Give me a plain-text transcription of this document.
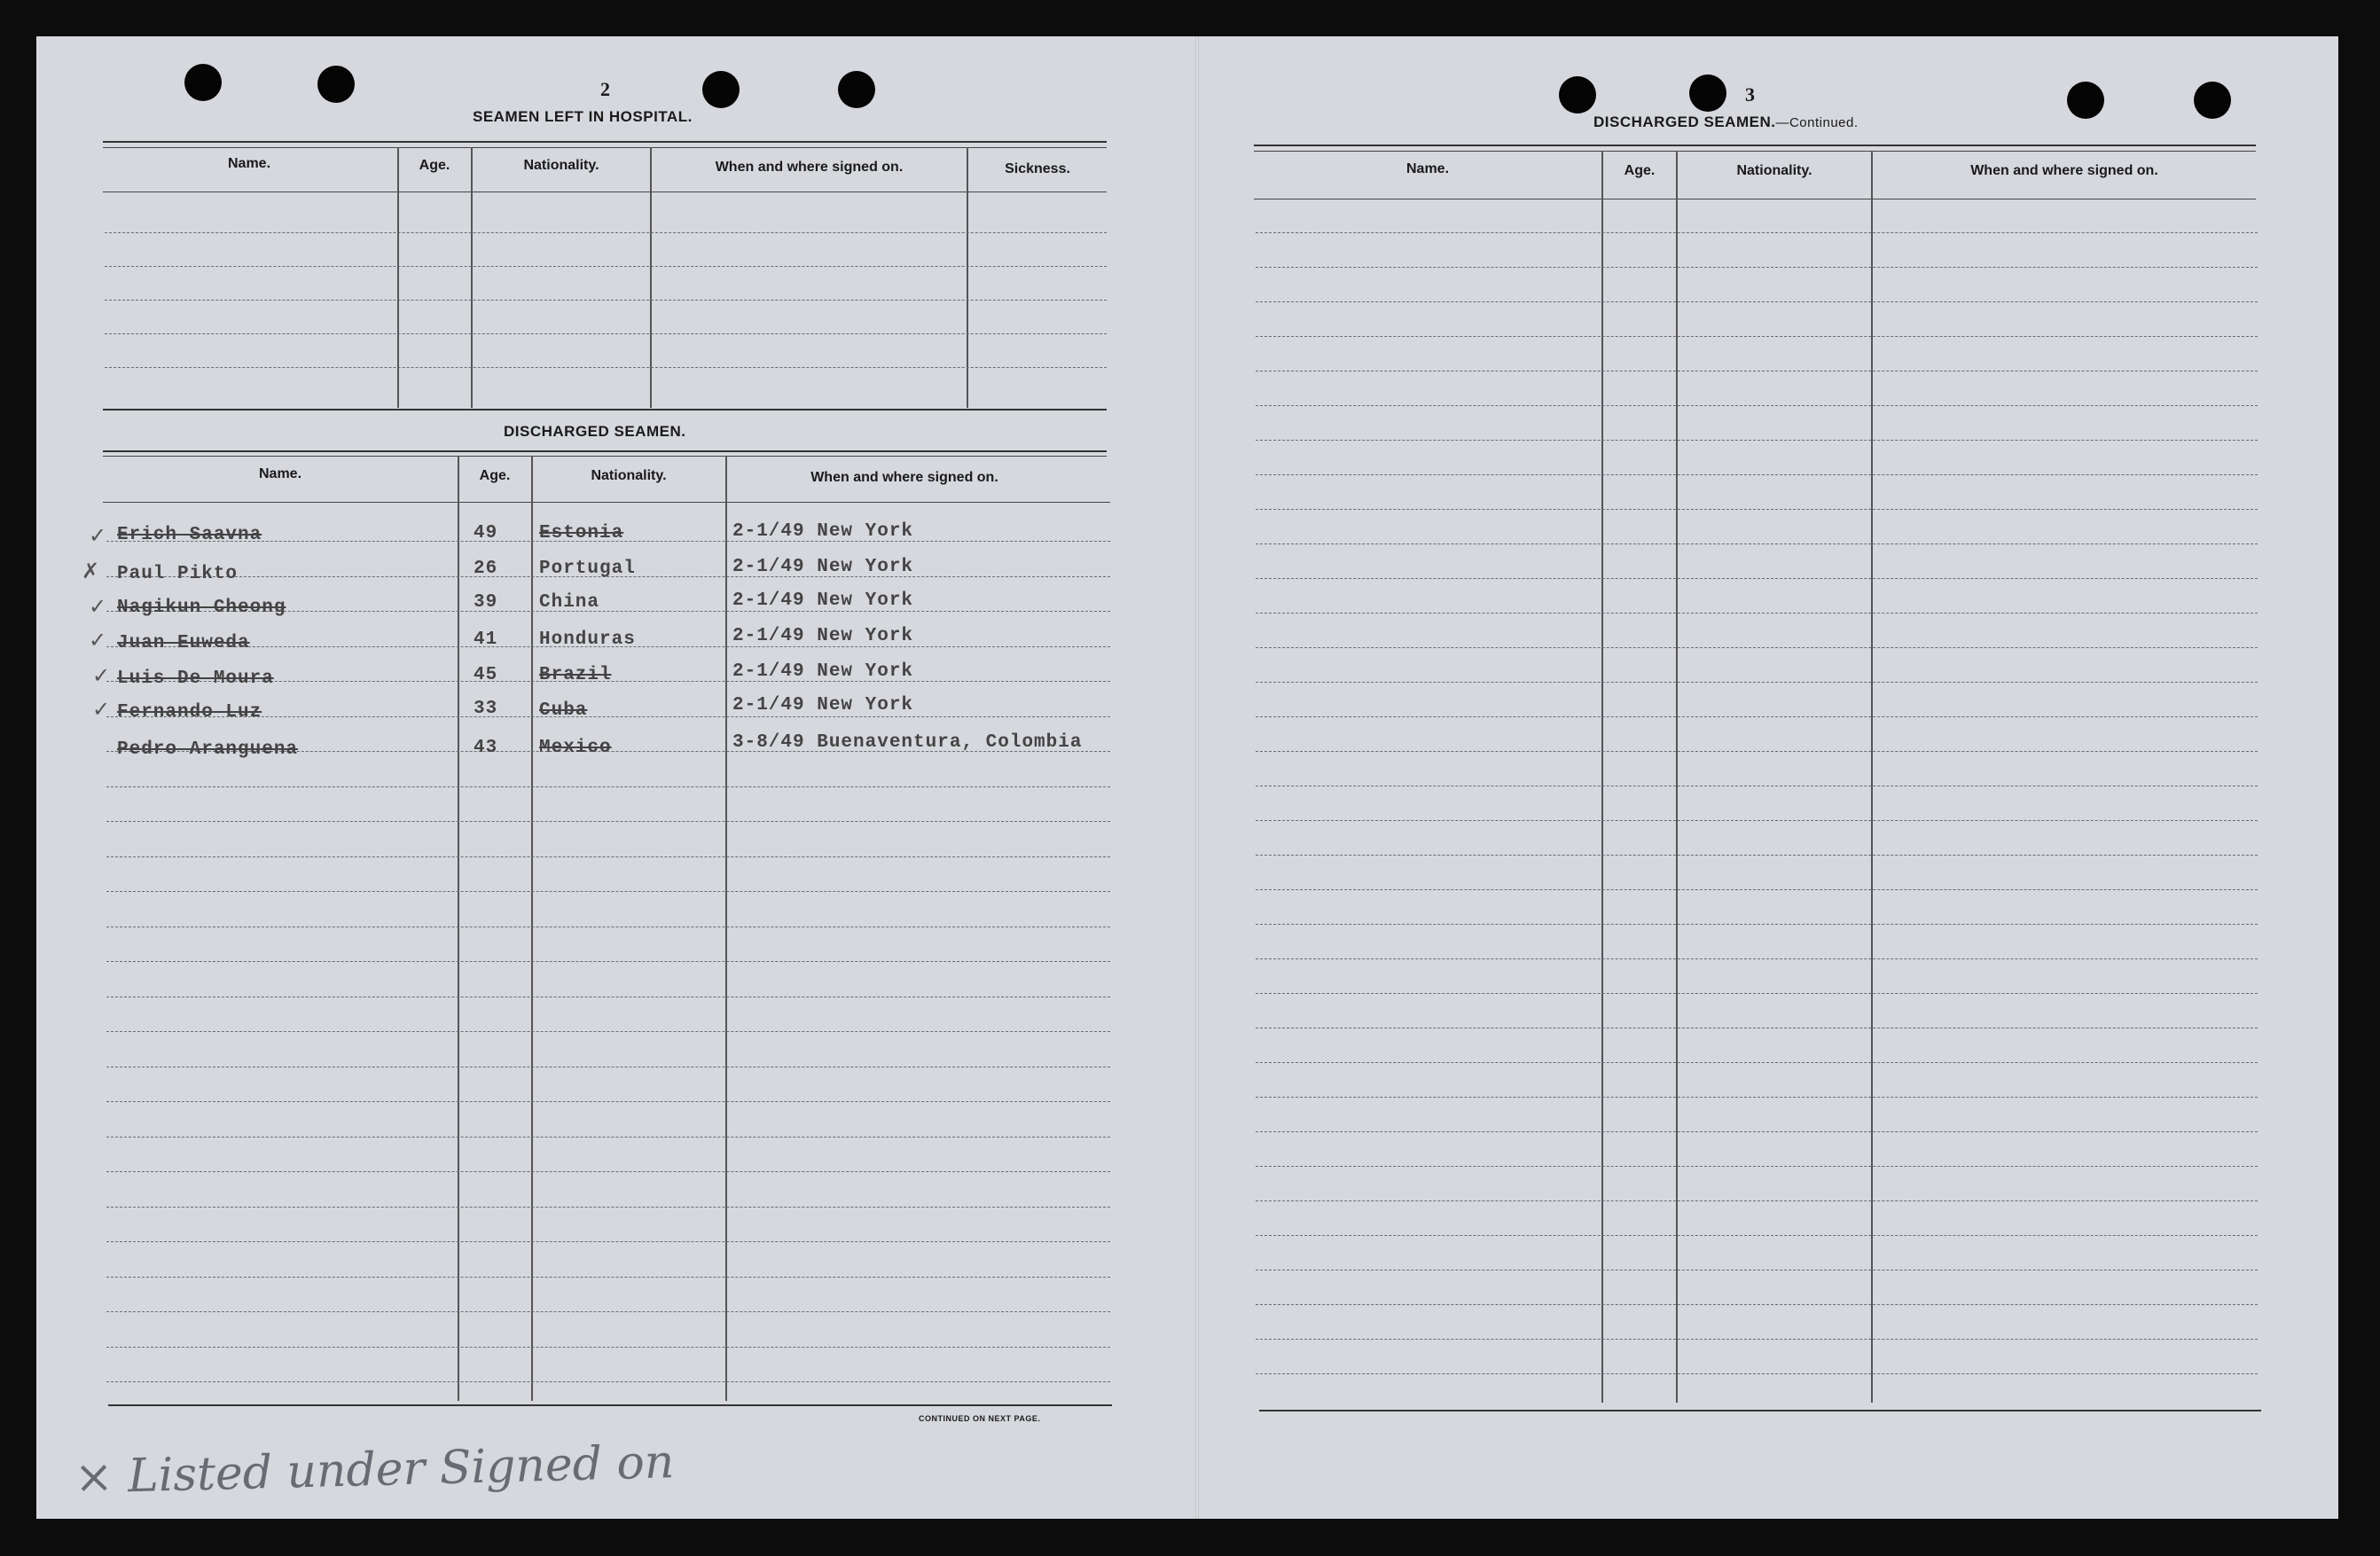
2
SEAMEN LEFT IN HOSPITAL.
Name.	Age.	Nationality.	When and where signed on.	Sickness.
DISCHARGED SEAMEN.
Name.	Age.	Nationality.	When and where signed on.
✓ Erich Saavna	49 Estonia	2-1/49 New York
✗ Paul Pikto	26 Portugal	2-1/49 New York
✓ Nagikun Cheong	39 China	2-1/49 New York
✓ Juan Euweda	41 Honduras	2-1/49 New York
✓ Luis De Moura	45 Brazil	2-1/49 New York
✓ Fernando Luz	33 Cuba	2-1/49 New York
Pedro Aranguena	43 Mexico	3-8/49 Buenaventura, Colombia
CONTINUED ON NEXT PAGE.
× Listed under Signed on
3
DISCHARGED SEAMEN.—Continued.
Name.	Age.	Nationality.	When and where signed on.
